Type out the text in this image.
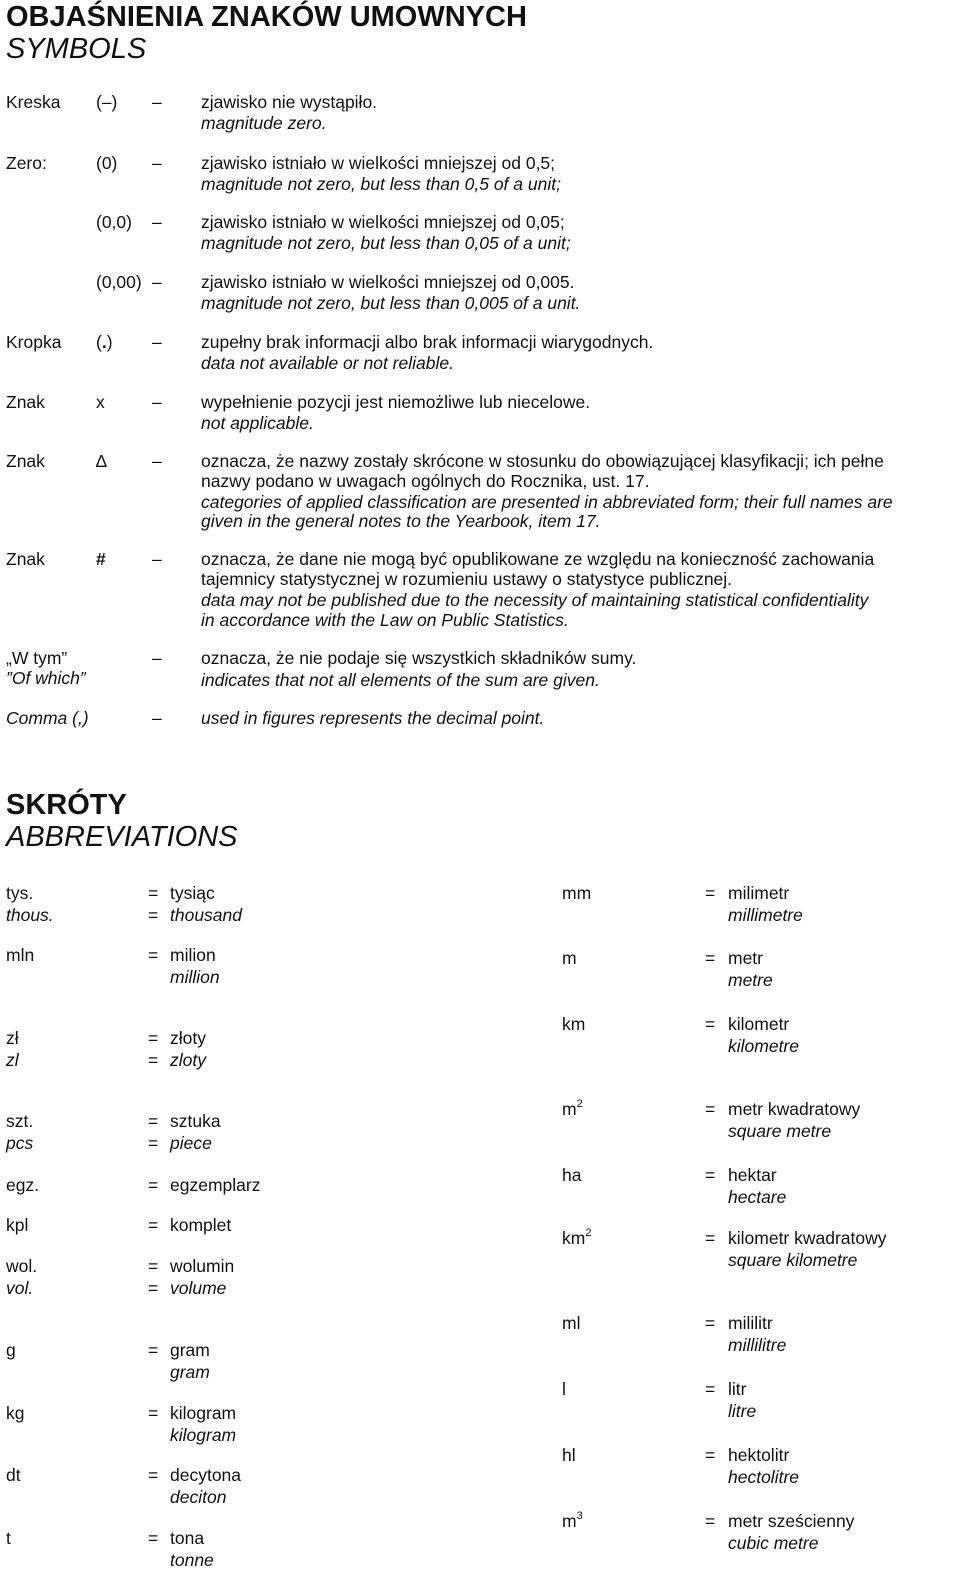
OBJAŚNIENIA ZNAKÓW UMOWNYCH
SYMBOLS
Kreska (–) – zjawisko nie wystąpiło.
magnitude zero.
Zero:	(0) – zjawisko istniało w wielkości mniejszej od 0,5;
magnitude not zero, but less than 0,5 of a unit;
(0,0) – zjawisko istniało w wielkości mniejszej od 0,05;
magnitude not zero, but less than 0,05 of a unit;
(0,00) – zjawisko istniało w wielkości mniejszej od 0,005.
magnitude not zero, but less than 0,005 of a unit.
Kropka (.) – zupełny brak informacji albo brak informacji wiarygodnych.
data not available or not reliable.
Znak	x	– wypełnienie pozycji jest niemożliwe lub niecelowe.
not applicable.
Znak	∆	– oznacza, że nazwy zostały skrócone w stosunku do obowiązującej klasyfikacji; ich pełne
nazwy podano w uwagach ogólnych do Rocznika, ust. 17.
categories of applied classification are presented in abbreviated form; their full names are
given in the general notes to the Yearbook, item 17.
Znak	#	– oznacza, że dane nie mogą być opublikowane ze względu na konieczność zachowania
tajemnicy statystycznej w rozumieniu ustawy o statystyce publicznej.
data may not be published due to the necessity of maintaining statistical confidentiality
in accordance with the Law on Public Statistics.
„W tym”
”Of which”
– oznacza, że nie podaje się wszystkich składników sumy.
indicates that not all elements of the sum are given.
Comma (,)	– used in figures represents the decimal point.
SKRÓTY
ABBREVIATIONS
tys.	= tysiąc
thous.	= thousand
mln	= milion
million
zł	= złoty
zl	= zloty
szt.	= sztuka
pcs	= piece
egz.	= egzemplarz
kpl	= komplet
wol.	= wolumin
vol.	= volume
g	= gram
gram
kg	= kilogram
kilogram
dt	= decytona
deciton
t	= tona
tonne
mm	= milimetr
millimetre
m	= metr
metre
km	= kilometr
kilometre
$m^2$	= metr kwadratowy
square metre
ha	= hektar
hectare
$km^2$	= kilometr kwadratowy
square kilometre
ml	= mililitr
millilitre
l	= litr
litre
hl	= hektolitr
hectolitre
$m^3$	= metr sześcienny
cubic metre
